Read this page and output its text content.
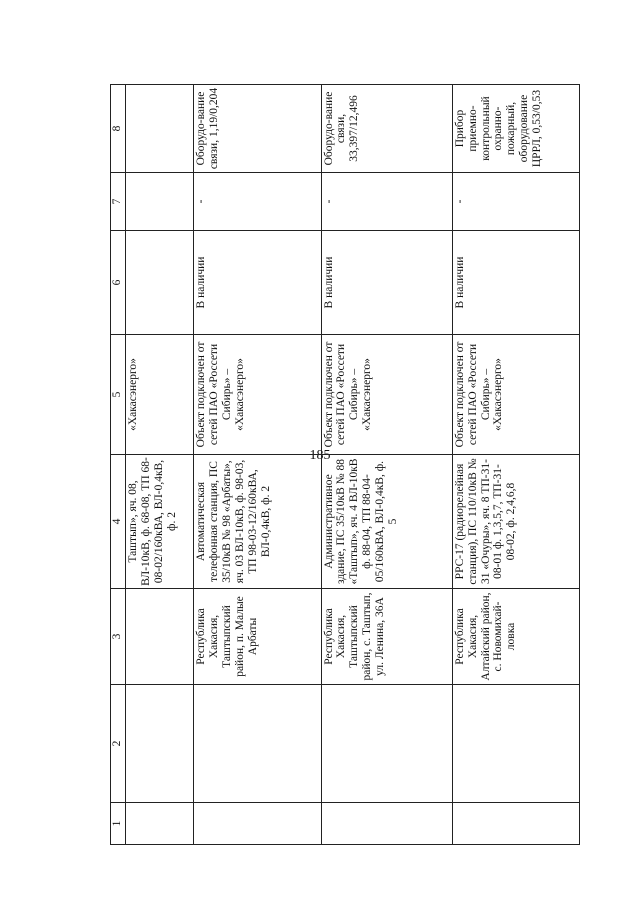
185
1	2	3	4	5	6	7	8
			Таштып», яч. 08, ВЛ-10кВ, ф. 68-08, ТП 68-08-02/160кВА, ВЛ-0,4кВ, ф. 2	«Хакасэнерго»			
		Республика Хакасия, Таштыпский район, п. Малые Арбаты	Автоматическая телефонная станция, ПС 35/10кВ № 98 «Арбаты», яч. 03 ВЛ-10кВ, ф. 98-03, ТП 98-03-12/160кВА, ВЛ-0,4кВ, ф. 2	Объект подключен от сетей ПАО «Россети Сибирь» – «Хакасэнерго»	В наличии	-	Оборудо-вание связи, 1,19/0,204
		Республика Хакасия, Таштыпский район, с. Таштып, ул. Ленина, 36А	Административное здание, ПС 35/10кВ № 88 «Таштып», яч. 4 ВЛ-10кВ ф. 88-04, ТП 88-04-05/160кВА, ВЛ-0,4кВ, ф. 5	Объект подключен от сетей ПАО «Россети Сибирь» – «Хакасэнерго»	В наличии	-	Оборудо-вание связи, 33,397/12,496
		Республика Хакасия, Алтайский район, с. Новомихай-ловка	РРС-17 (радиорелейная станция), ПС 110/10кВ № 31 «Очуры», яч. 8 ТП-31-08-01 ф. 1,3,5,7, ТП-31-08-02, ф. 2,4,6,8	Объект подключен от сетей ПАО «Россети Сибирь» – «Хакасэнерго»	В наличии	-	Прибор приемно-контрольный охранно-пожарный, оборудование ЦРРЛ, 0,53/0,53
